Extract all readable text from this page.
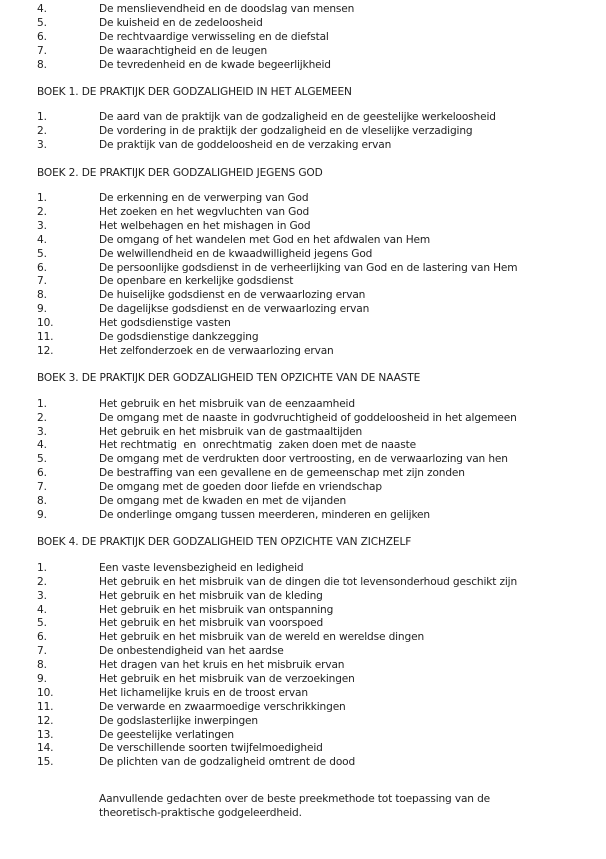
4.	De menslievendheid en de doodslag van mensen
5.	De kuisheid en de zedeloosheid
6.	De rechtvaardige verwisseling en de diefstal
7.	De waarachtigheid en de leugen
8.	De tevredenheid en de kwade begeerlijkheid
BOEK 1. DE PRAKTIJK DER GODZALIGHEID IN HET ALGEMEEN
1.	De aard van de praktijk van de godzaligheid en de geestelijke werkeloosheid
2.	De vordering in de praktijk der godzaligheid en de vleselijke verzadiging
3.	De praktijk van de goddeloosheid en de verzaking ervan
BOEK 2. DE PRAKTIJK DER GODZALIGHEID JEGENS GOD
1.	De erkenning en de verwerping van God
2.	Het zoeken en het wegvluchten van God
3.	Het welbehagen en het mishagen in God
4.	De omgang of het wandelen met God en het afdwalen van Hem
5.	De welwillendheid en de kwaadwilligheid jegens God
6.	De persoonlijke godsdienst in de verheerlijking van God en de lastering van Hem
7.	De openbare en kerkelijke godsdienst
8.	De huiselijke godsdienst en de verwaarlozing ervan
9.	De dagelijkse godsdienst en de verwaarlozing ervan
10.	Het godsdienstige vasten
11.	De godsdienstige dankzegging
12.	Het zelfonderzoek en de verwaarlozing ervan
BOEK 3. DE PRAKTIJK DER GODZALIGHEID TEN OPZICHTE VAN DE NAASTE
1.	Het gebruik en het misbruik van de eenzaamheid
2.	De omgang met de naaste in godvruchtigheid of goddeloosheid in het algemeen
3.	Het gebruik en het misbruik van de gastmaaltijden
4.	Het rechtmatig  en  onrechtmatig  zaken doen met de naaste
5.	De omgang met de verdrukten door vertroosting, en de verwaarlozing van hen
6.	De bestraffing van een gevallene en de gemeenschap met zijn zonden
7.	De omgang met de goeden door liefde en vriendschap
8.	De omgang met de kwaden en met de vijanden
9.	De onderlinge omgang tussen meerderen, minderen en gelijken
BOEK 4. DE PRAKTIJK DER GODZALIGHEID TEN OPZICHTE VAN ZICHZELF
1.	Een vaste levensbezigheid en ledigheid
2.	Het gebruik en het misbruik van de dingen die tot levensonderhoud geschikt zijn
3.	Het gebruik en het misbruik van de kleding
4.	Het gebruik en het misbruik van ontspanning
5.	Het gebruik en het misbruik van voorspoed
6.	Het gebruik en het misbruik van de wereld en wereldse dingen
7.	De onbestendigheid van het aardse
8.	Het dragen van het kruis en het misbruik ervan
9.	Het gebruik en het misbruik van de verzoekingen
10.	Het lichamelijke kruis en de troost ervan
11.	De verwarde en zwaarmoedige verschrikkingen
12.	De godslasterlijke inwerpingen
13.	De geestelijke verlatingen
14.	De verschillende soorten twijfelmoedigheid
15.	De plichten van de godzaligheid omtrent de dood
Aanvullende gedachten over de beste preekmethode tot toepassing van de theoretisch-praktische godgeleerdheid.
